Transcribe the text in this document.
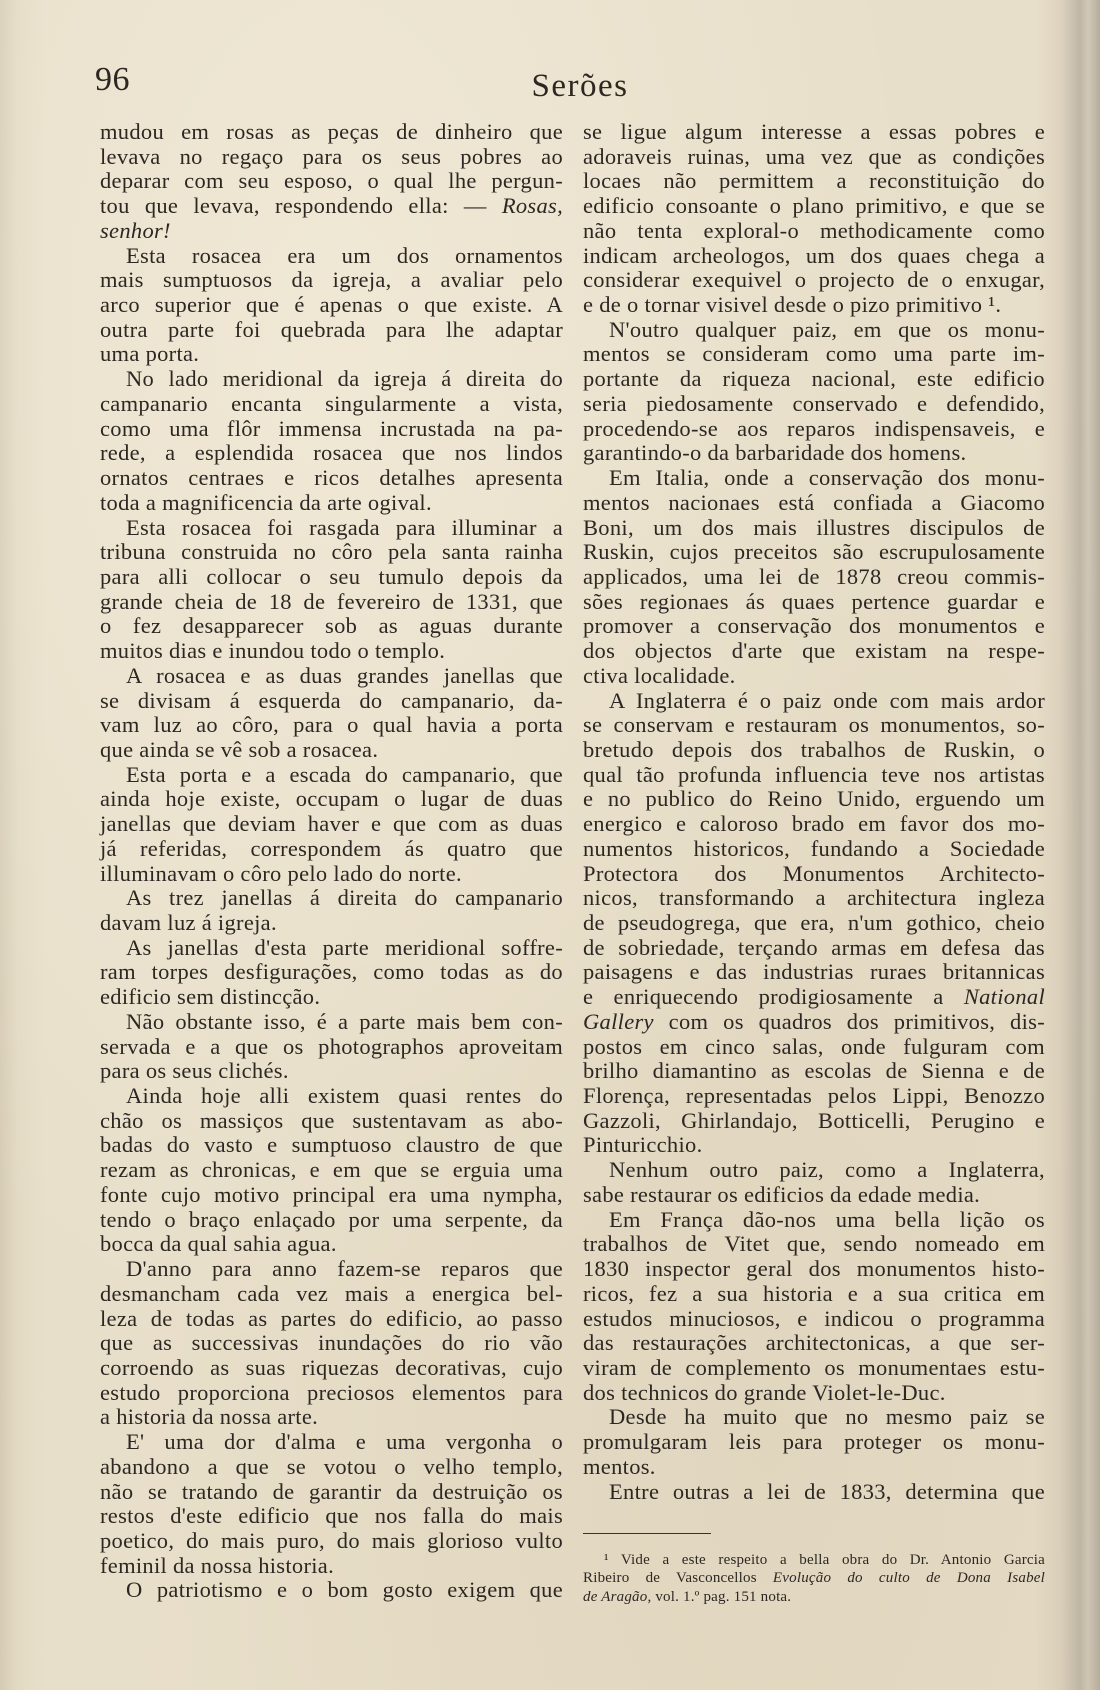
96	Serões
mudou em rosas as peças de dinheiro que
levava no regaço para os seus pobres ao
deparar com seu esposo, o qual lhe pergun-
tou que levava, respondendo ella: — Rosas,
senhor!
Esta rosacea era um dos ornamentos
mais sumptuosos da igreja, a avaliar pelo
arco superior que é apenas o que existe. A
outra parte foi quebrada para lhe adaptar
uma porta.
No lado meridional da igreja á direita do
campanario encanta singularmente a vista,
como uma flôr immensa incrustada na pa-
rede, a esplendida rosacea que nos lindos
ornatos centraes e ricos detalhes apresenta
toda a magnificencia da arte ogival.
Esta rosacea foi rasgada para illuminar a
tribuna construida no côro pela santa rainha
para alli collocar o seu tumulo depois da
grande cheia de 18 de fevereiro de 1331, que
o fez desapparecer sob as aguas durante
muitos dias e inundou todo o templo.
A rosacea e as duas grandes janellas que
se divisam á esquerda do campanario, da-
vam luz ao côro, para o qual havia a porta
que ainda se vê sob a rosacea.
Esta porta e a escada do campanario, que
ainda hoje existe, occupam o lugar de duas
janellas que deviam haver e que com as duas
já referidas, correspondem ás quatro que
illuminavam o côro pelo lado do norte.
As trez janellas á direita do campanario
davam luz á igreja.
As janellas d'esta parte meridional soffre-
ram torpes desfigurações, como todas as do
edificio sem distincção.
Não obstante isso, é a parte mais bem con-
servada e a que os photographos aproveitam
para os seus clichés.
Ainda hoje alli existem quasi rentes do
chão os massiços que sustentavam as abo-
badas do vasto e sumptuoso claustro de que
rezam as chronicas, e em que se erguia uma
fonte cujo motivo principal era uma nympha,
tendo o braço enlaçado por uma serpente, da
bocca da qual sahia agua.
D'anno para anno fazem-se reparos que
desmancham cada vez mais a energica bel-
leza de todas as partes do edificio, ao passo
que as successivas inundações do rio vão
corroendo as suas riquezas decorativas, cujo
estudo proporciona preciosos elementos para
a historia da nossa arte.
E' uma dor d'alma e uma vergonha o
abandono a que se votou o velho templo,
não se tratando de garantir da destruição os
restos d'este edificio que nos falla do mais
poetico, do mais puro, do mais glorioso vulto
feminil da nossa historia.
O patriotismo e o bom gosto exigem que
se ligue algum interesse a essas pobres e
adoraveis ruinas, uma vez que as condições
locaes não permittem a reconstituição do
edificio consoante o plano primitivo, e que se
não tenta exploral-o methodicamente como
indicam archeologos, um dos quaes chega a
considerar exequivel o projecto de o enxugar,
e de o tornar visivel desde o pizo primitivo ¹.
N'outro qualquer paiz, em que os monu-
mentos se consideram como uma parte im-
portante da riqueza nacional, este edificio
seria piedosamente conservado e defendido,
procedendo-se aos reparos indispensaveis, e
garantindo-o da barbaridade dos homens.
Em Italia, onde a conservação dos monu-
mentos nacionaes está confiada a Giacomo
Boni, um dos mais illustres discipulos de
Ruskin, cujos preceitos são escrupulosamente
applicados, uma lei de 1878 creou commis-
sões regionaes ás quaes pertence guardar e
promover a conservação dos monumentos e
dos objectos d'arte que existam na respe-
ctiva localidade.
A Inglaterra é o paiz onde com mais ardor
se conservam e restauram os monumentos, so-
bretudo depois dos trabalhos de Ruskin, o
qual tão profunda influencia teve nos artistas
e no publico do Reino Unido, erguendo um
energico e caloroso brado em favor dos mo-
numentos historicos, fundando a Sociedade
Protectora dos Monumentos Architecto-
nicos, transformando a architectura ingleza
de pseudogrega, que era, n'um gothico, cheio
de sobriedade, terçando armas em defesa das
paisagens e das industrias ruraes britannicas
e enriquecendo prodigiosamente a National
Gallery com os quadros dos primitivos, dis-
postos em cinco salas, onde fulguram com
brilho diamantino as escolas de Sienna e de
Florença, representadas pelos Lippi, Benozzo
Gazzoli, Ghirlandajo, Botticelli, Perugino e
Pinturicchio.
Nenhum outro paiz, como a Inglaterra,
sabe restaurar os edificios da edade media.
Em França dão-nos uma bella lição os
trabalhos de Vitet que, sendo nomeado em
1830 inspector geral dos monumentos histo-
ricos, fez a sua historia e a sua critica em
estudos minuciosos, e indicou o programma
das restaurações architectonicas, a que ser-
viram de complemento os monumentaes estu-
dos technicos do grande Violet-le-Duc.
Desde ha muito que no mesmo paiz se
promulgaram leis para proteger os monu-
mentos.
Entre outras a lei de 1833, determina que
¹ Vide a este respeito a bella obra do Dr. Antonio Garcia
Ribeiro de Vasconcellos Evolução do culto de Dona Isabel
de Aragão, vol. 1.º pag. 151 nota.
